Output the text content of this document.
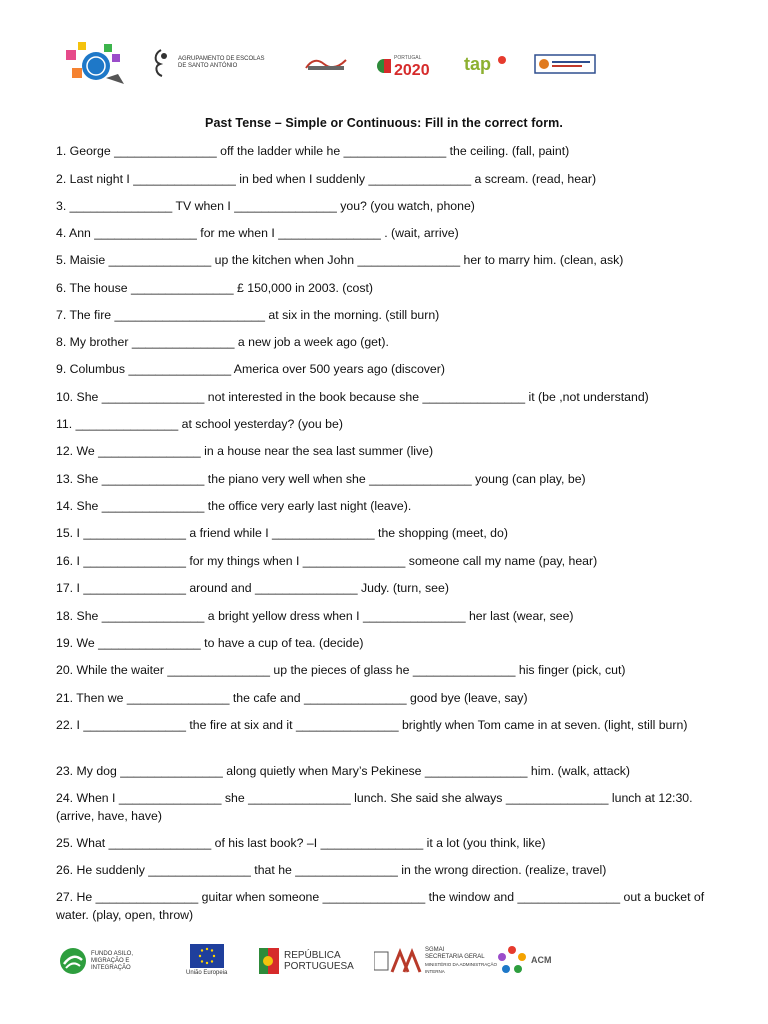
AGRUPAMENTO DE ESCOLAS DE SANTO ANTÓNIO
PORTUGAL
2020 tap
Past Tense – Simple or Continuous: Fill in the correct form.
1. George _______________ off the ladder while he _______________ the ceiling. (fall, paint)
2. Last night I _______________ in bed when I suddenly _______________ a scream. (read, hear)
3. _______________ TV when I _______________ you? (you watch, phone)
4. Ann _______________ for me when I _______________ . (wait, arrive)
5. Maisie _______________ up the kitchen when John _______________ her to marry him. (clean, ask)
6. The house _______________ £ 150,000 in 2003. (cost)
7. The fire ______________________ at six in the morning. (still burn)
8. My brother _______________ a new job a week ago (get).
9. Columbus _______________ America over 500 years ago (discover)
10. She _______________ not interested in the book because she _______________ it (be ,not understand)
11. _______________ at school yesterday? (you be)
12. We _______________ in a house near the sea last summer (live)
13. She _______________ the piano very well when she _______________ young (can play, be)
14. She _______________ the office very early last night (leave).
15. I _______________ a friend while I _______________ the shopping (meet, do)
16. I _______________ for my things when I _______________ someone call my name (pay, hear)
17. I _______________ around and _______________ Judy. (turn, see)
18. She _______________ a bright yellow dress when I _______________ her last (wear, see)
19. We _______________ to have a cup of tea. (decide)
20. While the waiter _______________ up the pieces of glass he _______________ his finger (pick, cut)
21. Then we _______________ the cafe and _______________ good bye (leave, say)
22. I _______________ the fire at six and it _______________ brightly when Tom came in at seven. (light, still burn)
23. My dog _______________ along quietly when Mary’s Pekinese _______________ him. (walk, attack)
24. When I _______________ she _______________ lunch. She said she always _______________ lunch at 12:30. (arrive, have, have)
25. What _______________ of his last book? –I _______________ it a lot (you think, like)
26. He suddenly _______________ that he _______________ in the wrong direction. (realize, travel)
27. He _______________ guitar when someone _______________ the window and _______________ out a bucket of water. (play, open, throw)
FUNDO ASILO, MIGRAÇÃO E INTEGRAÇÃO
União Europeia
REPÚBLICA
PORTUGUESA
SGMAI
SECRETARIA GERAL
MINISTÉRIO DA ADMINISTRAÇÃO INTERNA
ACM
